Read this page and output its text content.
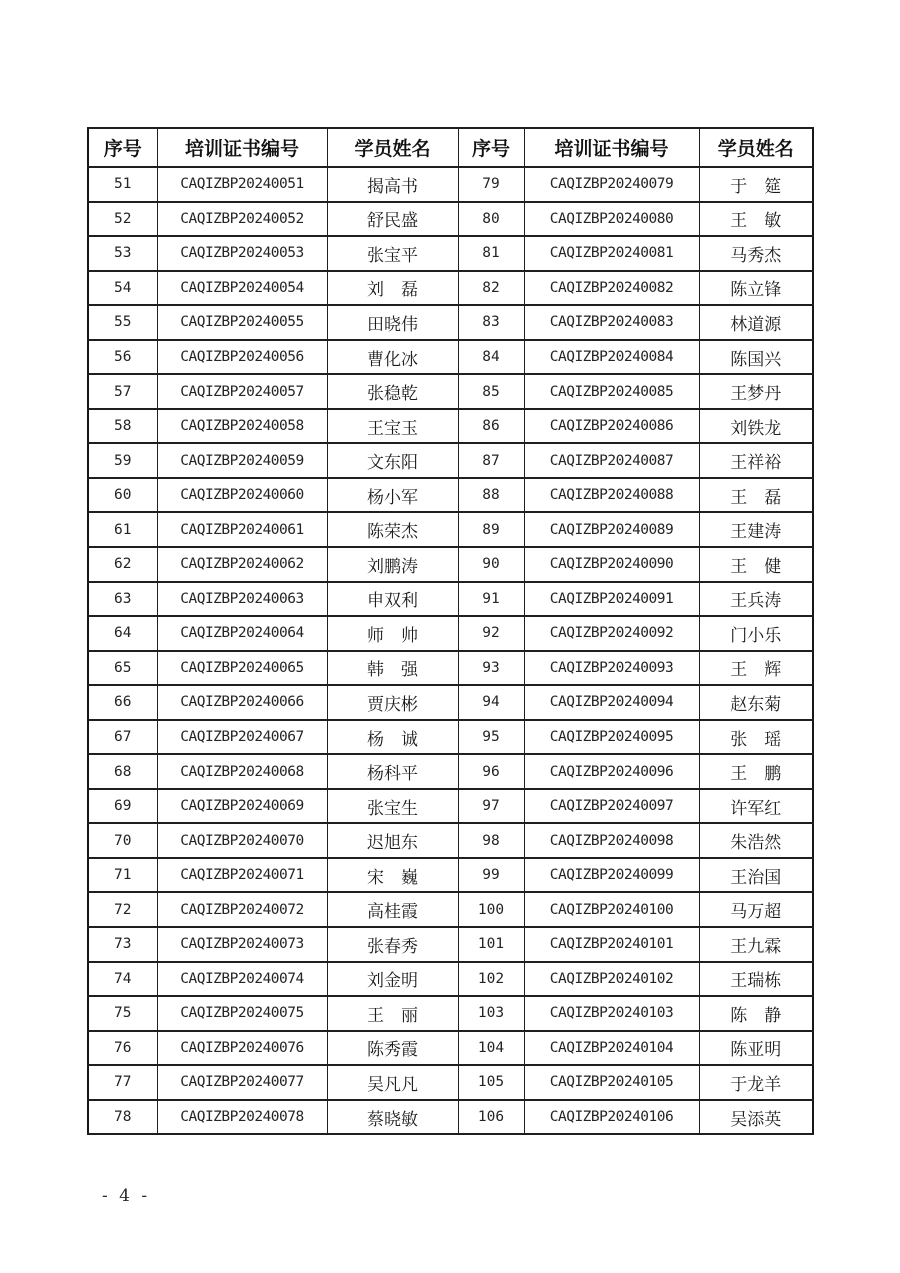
序号	培训证书编号	学员姓名	序号	培训证书编号	学员姓名
51	CAQIZBP20240051	揭高书	79	CAQIZBP20240079	于　筵
52	CAQIZBP20240052	舒民盛	80	CAQIZBP20240080	王　敏
53	CAQIZBP20240053	张宝平	81	CAQIZBP20240081	马秀杰
54	CAQIZBP20240054	刘　磊	82	CAQIZBP20240082	陈立锋
55	CAQIZBP20240055	田晓伟	83	CAQIZBP20240083	林道源
56	CAQIZBP20240056	曹化冰	84	CAQIZBP20240084	陈国兴
57	CAQIZBP20240057	张稳乾	85	CAQIZBP20240085	王梦丹
58	CAQIZBP20240058	王宝玉	86	CAQIZBP20240086	刘铁龙
59	CAQIZBP20240059	文东阳	87	CAQIZBP20240087	王祥裕
60	CAQIZBP20240060	杨小军	88	CAQIZBP20240088	王　磊
61	CAQIZBP20240061	陈荣杰	89	CAQIZBP20240089	王建涛
62	CAQIZBP20240062	刘鹏涛	90	CAQIZBP20240090	王　健
63	CAQIZBP20240063	申双利	91	CAQIZBP20240091	王兵涛
64	CAQIZBP20240064	师　帅	92	CAQIZBP20240092	门小乐
65	CAQIZBP20240065	韩　强	93	CAQIZBP20240093	王　辉
66	CAQIZBP20240066	贾庆彬	94	CAQIZBP20240094	赵东菊
67	CAQIZBP20240067	杨　诚	95	CAQIZBP20240095	张　瑶
68	CAQIZBP20240068	杨科平	96	CAQIZBP20240096	王　鹏
69	CAQIZBP20240069	张宝生	97	CAQIZBP20240097	许军红
70	CAQIZBP20240070	迟旭东	98	CAQIZBP20240098	朱浩然
71	CAQIZBP20240071	宋　巍	99	CAQIZBP20240099	王治国
72	CAQIZBP20240072	高桂霞	100	CAQIZBP20240100	马万超
73	CAQIZBP20240073	张春秀	101	CAQIZBP20240101	王九霖
74	CAQIZBP20240074	刘金明	102	CAQIZBP20240102	王瑞栋
75	CAQIZBP20240075	王　丽	103	CAQIZBP20240103	陈　静
76	CAQIZBP20240076	陈秀霞	104	CAQIZBP20240104	陈亚明
77	CAQIZBP20240077	吴凡凡	105	CAQIZBP20240105	于龙羊
78	CAQIZBP20240078	蔡晓敏	106	CAQIZBP20240106	吴添英
- 4 -
